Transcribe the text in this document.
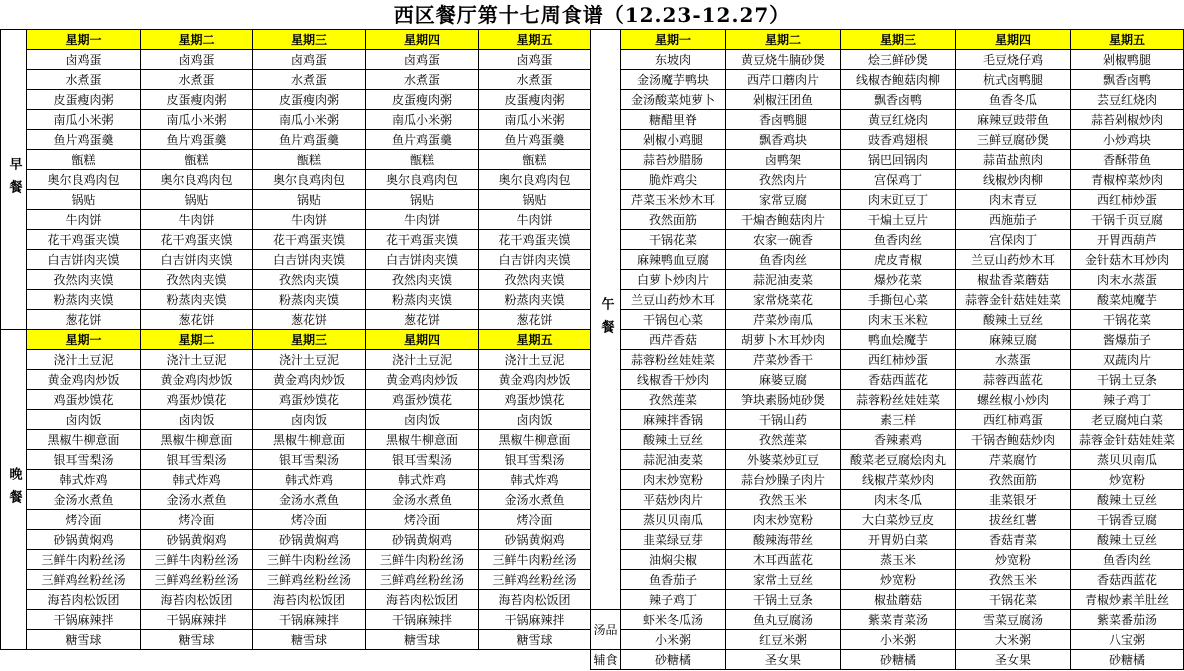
西区餐厅第十七周食谱（12.23-12.27）
星期一	星期二	星期三	星期四	星期五
早餐
卤鸡蛋	卤鸡蛋	卤鸡蛋	卤鸡蛋	卤鸡蛋
水煮蛋	水煮蛋	水煮蛋	水煮蛋	水煮蛋
皮蛋瘦肉粥	皮蛋瘦肉粥	皮蛋瘦肉粥	皮蛋瘦肉粥	皮蛋瘦肉粥
南瓜小米粥	南瓜小米粥	南瓜小米粥	南瓜小米粥	南瓜小米粥
鱼片鸡蛋羹	鱼片鸡蛋羹	鱼片鸡蛋羹	鱼片鸡蛋羹	鱼片鸡蛋羹
甑糕	甑糕	甑糕	甑糕	甑糕
奥尔良鸡肉包	奥尔良鸡肉包	奥尔良鸡肉包	奥尔良鸡肉包	奥尔良鸡肉包
锅贴	锅贴	锅贴	锅贴	锅贴
牛肉饼	牛肉饼	牛肉饼	牛肉饼	牛肉饼
花干鸡蛋夹馍	花干鸡蛋夹馍	花干鸡蛋夹馍	花干鸡蛋夹馍	花干鸡蛋夹馍
白吉饼肉夹馍	白吉饼肉夹馍	白吉饼肉夹馍	白吉饼肉夹馍	白吉饼肉夹馍
孜然肉夹馍	孜然肉夹馍	孜然肉夹馍	孜然肉夹馍	孜然肉夹馍
粉蒸肉夹馍	粉蒸肉夹馍	粉蒸肉夹馍	粉蒸肉夹馍	粉蒸肉夹馍
葱花饼	葱花饼	葱花饼	葱花饼	葱花饼
星期一	星期二	星期三	星期四	星期五
晚餐
浇汁土豆泥	浇汁土豆泥	浇汁土豆泥	浇汁土豆泥	浇汁土豆泥
黄金鸡肉炒饭	黄金鸡肉炒饭	黄金鸡肉炒饭	黄金鸡肉炒饭	黄金鸡肉炒饭
鸡蛋炒馍花	鸡蛋炒馍花	鸡蛋炒馍花	鸡蛋炒馍花	鸡蛋炒馍花
卤肉饭	卤肉饭	卤肉饭	卤肉饭	卤肉饭
黑椒牛柳意面	黑椒牛柳意面	黑椒牛柳意面	黑椒牛柳意面	黑椒牛柳意面
银耳雪梨汤	银耳雪梨汤	银耳雪梨汤	银耳雪梨汤	银耳雪梨汤
韩式炸鸡	韩式炸鸡	韩式炸鸡	韩式炸鸡	韩式炸鸡
金汤水煮鱼	金汤水煮鱼	金汤水煮鱼	金汤水煮鱼	金汤水煮鱼
烤冷面	烤冷面	烤冷面	烤冷面	烤冷面
砂锅黄焖鸡	砂锅黄焖鸡	砂锅黄焖鸡	砂锅黄焖鸡	砂锅黄焖鸡
三鲜牛肉粉丝汤	三鲜牛肉粉丝汤	三鲜牛肉粉丝汤	三鲜牛肉粉丝汤	三鲜牛肉粉丝汤
三鲜鸡丝粉丝汤	三鲜鸡丝粉丝汤	三鲜鸡丝粉丝汤	三鲜鸡丝粉丝汤	三鲜鸡丝粉丝汤
海苔肉松饭团	海苔肉松饭团	海苔肉松饭团	海苔肉松饭团	海苔肉松饭团
干锅麻辣拌	干锅麻辣拌	干锅麻辣拌	干锅麻辣拌	干锅麻辣拌
糖雪球	糖雪球	糖雪球	糖雪球	糖雪球
星期一	星期二	星期三	星期四	星期五
午餐
东坡肉	黄豆烧牛腩砂煲	烩三鲜砂煲	毛豆烧仔鸡	剁椒鸭腿
金汤魔芋鸭块	西芹口蘑肉片	线椒杏鲍菇肉柳	杭式卤鸭腿	飘香卤鸭
金汤酸菜炖萝卜	剁椒汪团鱼	飘香卤鸭	鱼香冬瓜	芸豆红烧肉
糖醋里脊	香卤鸭腿	黄豆红烧肉	麻辣豆豉带鱼	蒜苔剁椒炒肉
剁椒小鸡腿	飘香鸡块	豉香鸡翅根	三鲜豆腐砂煲	小炒鸡块
蒜苔炒腊肠	卤鸭架	锅巴回锅肉	蒜苗盐煎肉	香酥带鱼
脆炸鸡尖	孜然肉片	宫保鸡丁	线椒炒肉柳	青椒榨菜炒肉
芹菜玉米炒木耳	家常豆腐	肉末豇豆丁	肉末青豆	西红柿炒蛋
孜然面筋	干煸杏鲍菇肉片	干煸土豆片	西施茄子	干锅千页豆腐
干锅花菜	农家一碗香	鱼香肉丝	宫保肉丁	开胃西葫芦
麻辣鸭血豆腐	鱼香肉丝	虎皮青椒	兰豆山药炒木耳	金针菇木耳炒肉
白萝卜炒肉片	蒜泥油麦菜	爆炒花菜	椒盐香菜蘑菇	肉末水蒸蛋
兰豆山药炒木耳	家常烧菜花	手撕包心菜	蒜蓉金针菇娃娃菜	酸菜炖魔芋
干锅包心菜	芹菜炒南瓜	肉末玉米粒	酸辣土豆丝	干锅花菜
西芹香菇	胡萝卜木耳炒肉	鸭血烩魔芋	麻辣豆腐	酱爆茄子
蒜蓉粉丝娃娃菜	芹菜炒香干	西红柿炒蛋	水蒸蛋	双蔬肉片
线椒香干炒肉	麻婆豆腐	香菇西蓝花	蒜蓉西蓝花	干锅土豆条
孜然莲菜	笋块素肠炖砂煲	蒜蓉粉丝娃娃菜	螺丝椒小炒肉	辣子鸡丁
麻辣拌香锅	干锅山药	素三样	西红柿鸡蛋	老豆腐炖白菜
酸辣土豆丝	孜然莲菜	香辣素鸡	干锅杏鲍菇炒肉	蒜蓉金针菇娃娃菜
蒜泥油麦菜	外婆菜炒豇豆	酸菜老豆腐烩肉丸	芹菜腐竹	蒸贝贝南瓜
肉末炒宽粉	蒜台炒臊子肉片	线椒芹菜炒肉	孜然面筋	炒宽粉
平菇炒肉片	孜然玉米	肉末冬瓜	韭菜银牙	酸辣土豆丝
蒸贝贝南瓜	肉末炒宽粉	大白菜炒豆皮	拔丝红薯	干锅香豆腐
韭菜绿豆芽	酸辣海带丝	开胃奶白菜	香菇青菜	酸辣土豆丝
油焖尖椒	木耳西蓝花	蒸玉米	炒宽粉	鱼香肉丝
鱼香茄子	家常土豆丝	炒宽粉	孜然玉米	香菇西蓝花
辣子鸡丁	干锅土豆条	椒盐蘑菇	干锅花菜	青椒炒素羊肚丝
汤品
虾米冬瓜汤	鱼丸豆腐汤	紫菜青菜汤	雪菜豆腐汤	紫菜番茄汤
小米粥	红豆米粥	小米粥	大米粥	八宝粥
辅食	砂糖橘	圣女果	砂糖橘	圣女果	砂糖橘
